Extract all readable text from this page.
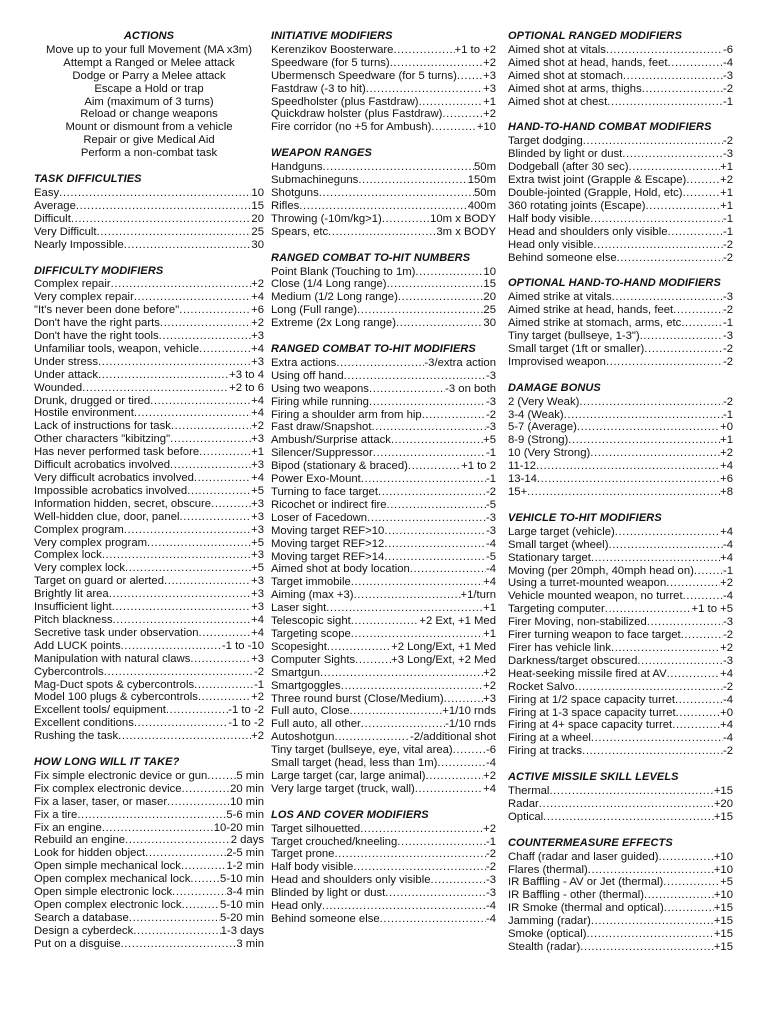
ACTIONS
Move up to your full Movement (MA x3m)
Attempt a Ranged or Melee attack
Dodge or Parry a Melee attack
Escape a Hold or trap
Aim (maximum of 3 turns)
Reload or change weapons
Mount or dismount from a vehicle
Repair or give Medical Aid
Perform a non-combat task
TASK DIFFICULTIES
Easy .....	10
Average .....	15
Difficult .....	20
Very Difficult .....	25
Nearly Impossible .....	30
DIFFICULTY MODIFIERS
Complex repair .....	+2
Very complex repair .....	+4
"It's never been done before" .....	+6
Don't have the right parts .....	+2
Don't have the right tools .....	+3
Unfamiliar tools, weapon, vehicle .....	+4
Under stress .....	+3
Under attack .....	+3 to 4
Wounded .....	+2 to 6
Drunk, drugged or tired .....	+4
Hostile environment .....	+4
Lack of instructions for task .....	+2
Other characters "kibitzing" .....	+3
Has never performed task before .....	+1
Difficult acrobatics involved .....	+3
Very difficult acrobatics involved .....	+4
Impossible acrobatics involved .....	+5
Information hidden, secret, obscure .....	+3
Well-hidden clue, door, panel .....	+3
Complex program .....	+3
Very complex program .....	+5
Complex lock .....	+3
Very complex lock .....	+5
Target on guard or alerted .....	+3
Brightly lit area .....	+3
Insufficient light .....	+3
Pitch blackness .....	+4
Secretive task under observation .....	+4
Add LUCK points .....	-1 to -10
Manipulation with natural claws .....	+3
Cybercontrols .....	-2
Mag-Duct spots & cybercontrols .....	-1
Model 100 plugs & cybercontrols .....	+2
Excellent tools/ equipment .....	-1 to -2
Excellent conditions .....	-1 to -2
Rushing the task .....	+2
HOW LONG WILL IT TAKE?
Fix simple electronic device or gun .....	5 min
Fix complex electronic device .....	20 min
Fix a laser, taser, or maser .....	10 min
Fix a tire .....	5-6 min
Fix an engine .....	10-20 min
Rebuild an engine .....	2 days
Look for hidden object .....	2-5 min
Open simple mechanical lock .....	1-2 min
Open complex mechanical lock .....	5-10 min
Open simple electronic lock .....	3-4 min
Open complex electronic lock .....	5-10 min
Search a database .....	5-20 min
Design a cyberdeck .....	1-3 days
Put on a disguise .....	3 min
INITIATIVE MODIFIERS
Kerenzikov Boosterware .....	+1 to +2
Speedware (for 5 turns) .....	+2
Ubermensch Speedware (for 5 turns) ..... +3
Fastdraw (-3 to hit) .....	+3
Speedholster (plus Fastdraw) .....	+1
Quickdraw holster (plus Fastdraw) .....	+2
Fire corridor (no +5 for Ambush) .....	+10
WEAPON RANGES
Handguns .....	50m
Submachineguns .....	150m
Shotguns .....	50m
Rifles .....	400m
Throwing (-10m/kg>1) .....	10m x BODY
Spears, etc .....	3m x BODY
RANGED COMBAT TO-HIT NUMBERS
Point Blank (Touching to 1m) .....	10
Close (1/4 Long range) .....	15
Medium (1/2 Long range) .....	20
Long (Full range) .....	25
Extreme (2x Long range) .....	30
RANGED COMBAT TO-HIT MODIFIERS
Extra actions .....	-3/extra action
Using off hand .....	-3
Using two weapons .....	-3 on both
Firing while running .....	-3
Firing a shoulder arm from hip .....	-2
Fast draw/Snapshot .....	-3
Ambush/Surprise attack .....	+5
Silencer/Suppressor .....	-1
Bipod (stationary & braced) .....	+1 to 2
Power Exo-Mount .....	-1
Turning to face target .....	-2
Ricochet or indirect fire .....	-5
Loser of Facedown .....	-3
Moving target REF>10 .....	-3
Moving target REF>12 .....	-4
Moving target REF>14 .....	-5
Aimed shot at body location .....	-4
Target immobile .....	+4
Aiming (max +3) .....	+1/turn
Laser sight .....	+1
Telescopic sight .....	+2 Ext, +1 Med
Targeting scope .....	+1
Scopesight .....	+2 Long/Ext, +1 Med
Computer Sights .....	+3 Long/Ext, +2 Med
Smartgun .....	+2
Smartgoggles .....	+2
Three round burst (Close/Medium) .....	+3
Full auto, Close .....	+1/10 rnds
Full auto, all other .....	-1/10 rnds
Autoshotgun .....	-2/additional shot
Tiny target (bullseye, eye, vital area) .....	-6
Small target (head, less than 1m) .....	-4
Large target (car, large animal) .....	+2
Very large target (truck, wall) .....	+4
LOS AND COVER MODIFIERS
Target silhouetted .....	+2
Target crouched/kneeling .....	-1
Target prone .....	-2
Half body visible .....	-2
Head and shoulders only visible .....	-3
Blinded by light or dust .....	-3
Head only .....	-4
Behind someone else .....	-4
OPTIONAL RANGED MODIFIERS
Aimed shot at vitals .....	-6
Aimed shot at head, hands, feet .....	-4
Aimed shot at stomach .....	-3
Aimed shot at arms, thighs .....	-2
Aimed shot at chest .....	-1
HAND-TO-HAND COMBAT MODIFIERS
Target dodging .....	-2
Blinded by light or dust .....	-3
Dodgeball (after 30 sec) .....	+1
Extra twist joint (Grapple & Escape) .....	+2
Double-jointed (Grapple, Hold, etc) .....	+1
360 rotating joints (Escape) .....	+1
Half body visible .....	-1
Head and shoulders only visible .....	-1
Head only visible .....	-2
Behind someone else .....	-2
OPTIONAL HAND-TO-HAND MODIFIERS
Aimed strike at vitals .....	-3
Aimed strike at head, hands, feet .....	-2
Aimed strike at stomach, arms, etc .....	-1
Tiny target (bullseye, 1-3") .....	-3
Small target (1ft or smaller) .....	-2
Improvised weapon .....	-2
DAMAGE BONUS
2 (Very Weak) .....	-2
3-4 (Weak) .....	-1
5-7 (Average) .....	+0
8-9 (Strong) .....	+1
10 (Very Strong) .....	+2
11-12 .....	+4
13-14 .....	+6
15+ .....	+8
VEHICLE TO-HIT MODIFIERS
Large target (vehicle) .....	+4
Small target (wheel) .....	-4
Stationary target .....	+4
Moving (per 20mph, 40mph head on) .....	-1
Using a turret-mounted weapon .....	+2
Vehicle mounted weapon, no turret .....	-4
Targeting computer .....	+1 to +5
Firer Moving, non-stabilized .....	-3
Firer turning weapon to face target .....	-2
Firer has vehicle link .....	+2
Darkness/target obscured .....	-3
Heat-seeking missile fired at AV .....	+4
Rocket Salvo .....	-2
Firing at 1/2 space capacity turret .....	-4
Firing at 1-3 space capacity turret .....	+0
Firing at 4+ space capacity turret .....	+4
Firing at a wheel .....	-4
Firing at tracks .....	-2
ACTIVE MISSILE SKILL LEVELS
Thermal .....	+15
Radar .....	+20
Optical .....	+15
COUNTERMEASURE EFFECTS
Chaff (radar and laser guided) .....	+10
Flares (thermal) .....	+10
IR Baffling - AV or Jet (thermal) .....	+5
IR Baffling - other (thermal) .....	+10
IR Smoke (thermal and optical) .....	+15
Jamming (radar) .....	+15
Smoke (optical) .....	+15
Stealth (radar) .....	+15
